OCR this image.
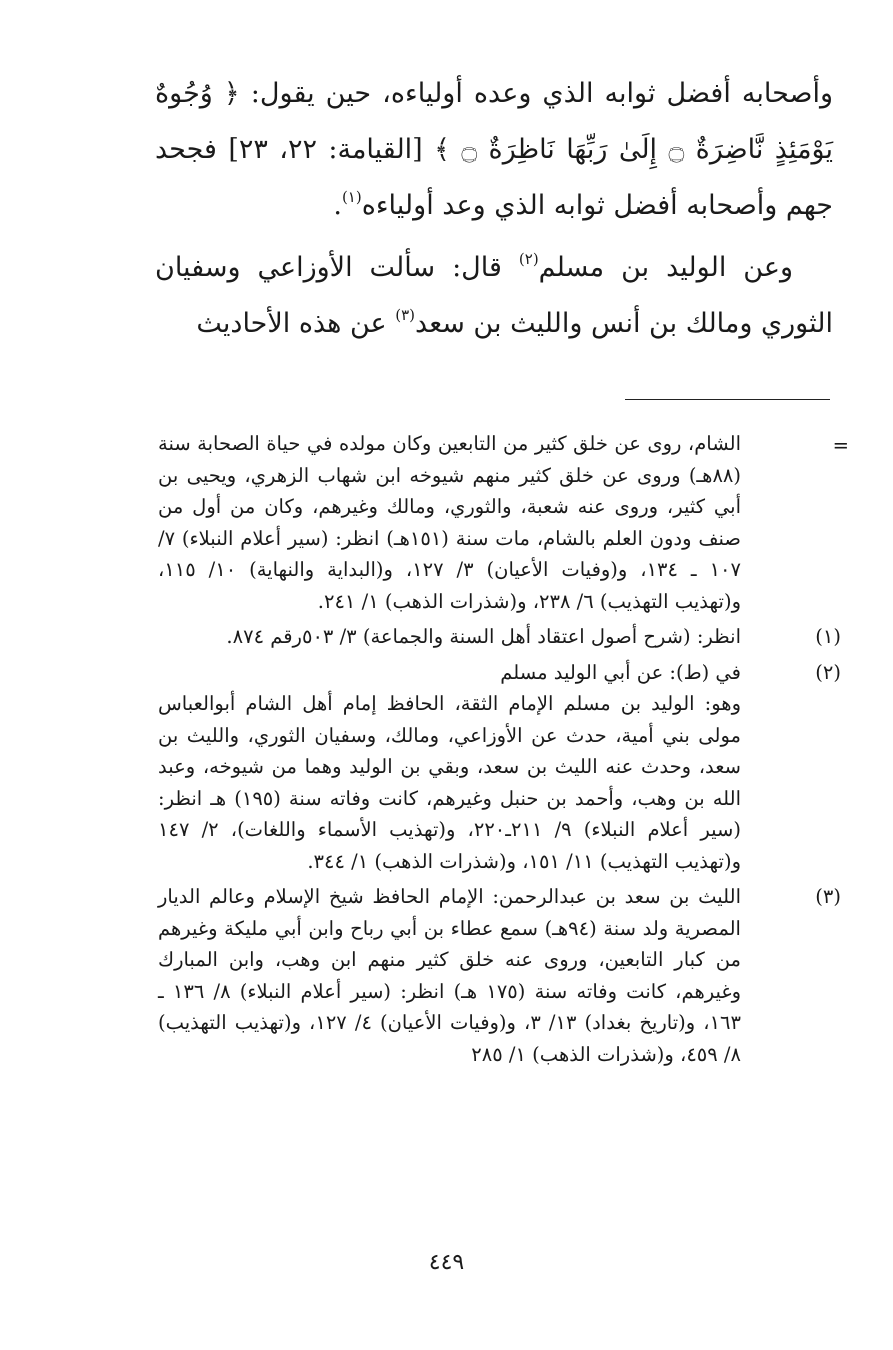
وأصحابه أفضل ثوابه الذي وعده أولياءه، حين يقول: ﴿ وُجُوهٌ يَوْمَئِذٍ نَّاضِرَةٌ ۝ إِلَىٰ رَبِّهَا نَاظِرَةٌ ۝ ﴾ [القيامة: ٢٢، ٢٣] فجحد جهم وأصحابه أفضل ثوابه الذي وعد أولياءه$^{(١)}$.

وعن الوليد بن مسلم$^{(٢)}$ قال: سألت الأوزاعي وسفيان الثوري ومالك بن أنس والليث بن سعد$^{(٣)}$ عن هذه الأحاديث

=

الشام، روى عن خلق كثير من التابعين وكان مولده في حياة الصحابة سنة (٨٨هـ) وروى عن خلق كثير منهم شيوخه ابن شهاب الزهري، ويحيى بن أبي كثير، وروى عنه شعبة، والثوري، ومالك وغيرهم، وكان من أول من صنف ودون العلم بالشام، مات سنة (١٥١هـ) انظر: (سير أعلام النبلاء) ٧/ ١٠٧ ـ ١٣٤، و(وفيات الأعيان) ٣/ ١٢٧، و(البداية والنهاية) ١٠/ ١١٥، و(تهذيب التهذيب) ٦/ ٢٣٨، و(شذرات الذهب) ١/ ٢٤١.

(١)

انظر: (شرح أصول اعتقاد أهل السنة والجماعة) ٣/ ٥٠٣رقم ٨٧٤.

(٢)

في (ط): عن أبي الوليد مسلم

وهو: الوليد بن مسلم الإمام الثقة، الحافظ إمام أهل الشام أبوالعباس مولى بني أمية، حدث عن الأوزاعي، ومالك، وسفيان الثوري، والليث بن سعد، وحدث عنه الليث بن سعد، وبقي بن الوليد وهما من شيوخه، وعبد الله بن وهب، وأحمد بن حنبل وغيرهم، كانت وفاته سنة (١٩٥) هـ انظر: (سير أعلام النبلاء) ٩/ ٢١١ـ٢٢٠، و(تهذيب الأسماء واللغات)، ٢/ ١٤٧ و(تهذيب التهذيب) ١١/ ١٥١، و(شذرات الذهب) ١/ ٣٤٤.

(٣)

الليث بن سعد بن عبدالرحمن: الإمام الحافظ شيخ الإسلام وعالم الديار المصرية ولد سنة (٩٤هـ) سمع عطاء بن أبي رباح وابن أبي مليكة وغيرهم من كبار التابعين، وروى عنه خلق كثير منهم ابن وهب، وابن المبارك وغيرهم، كانت وفاته سنة (١٧٥ هـ) انظر: (سير أعلام النبلاء) ٨/ ١٣٦ ـ ١٦٣، و(تاريخ بغداد) ١٣/ ٣، و(وفيات الأعيان) ٤/ ١٢٧، و(تهذيب التهذيب) ٨/ ٤٥٩، و(شذرات الذهب) ١/ ٢٨٥

٤٤٩
